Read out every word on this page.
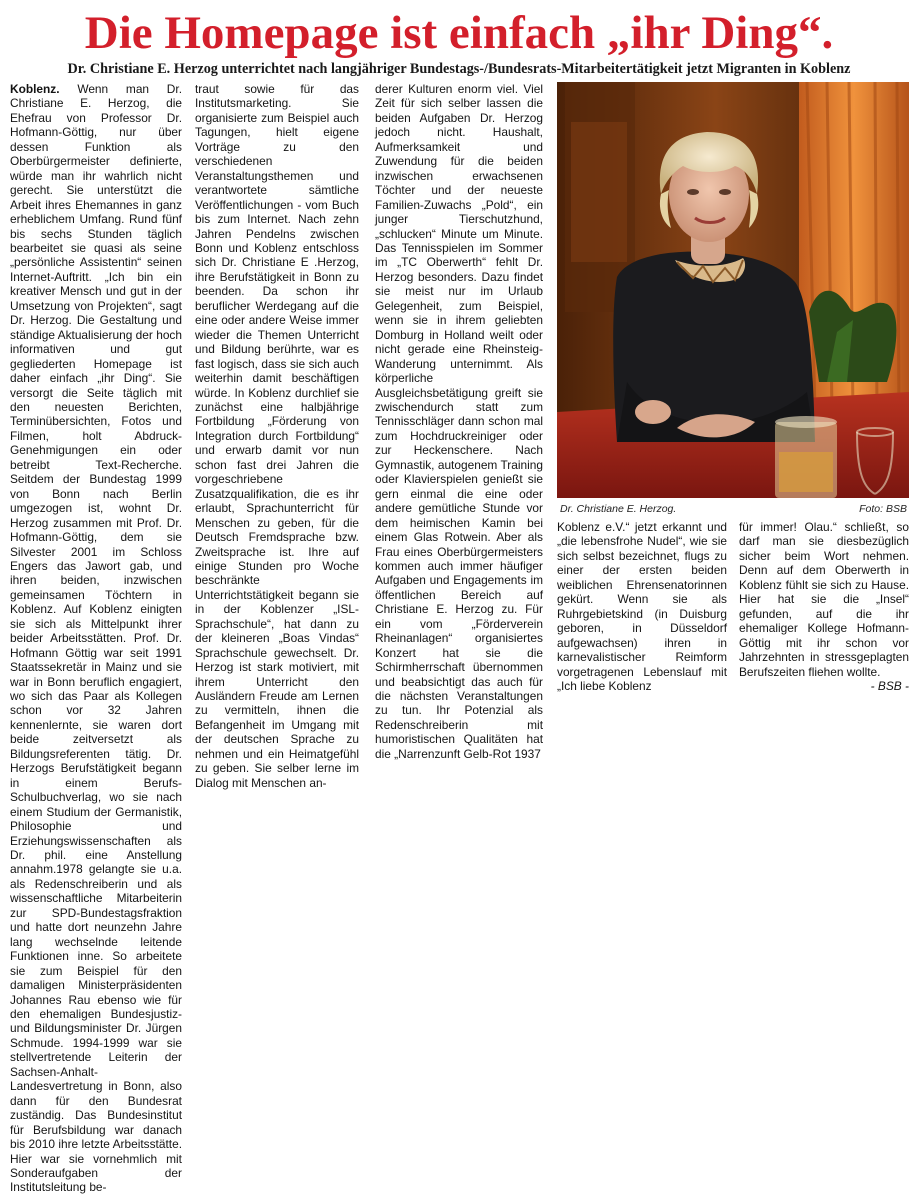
Die Homepage ist einfach „ihr Ding“.
Dr. Christiane E. Herzog unterrichtet nach langjähriger Bundestags-/Bundesrats-Mitarbeitertätigkeit jetzt Migranten in Koblenz

Koblenz. Wenn man Dr. Christiane E. Herzog, die Ehefrau von Professor Dr. Hofmann-Göttig, nur über dessen Funktion als Oberbürgermeister definierte, würde man ihr wahrlich nicht gerecht. Sie unterstützt die Arbeit ihres Ehemannes in ganz erheblichem Umfang. Rund fünf bis sechs Stunden täglich bearbeitet sie quasi als seine „persönliche Assistentin“ seinen Internet-Auftritt. „Ich bin ein kreativer Mensch und gut in der Umsetzung von Projekten“, sagt Dr. Herzog. Die Gestaltung und ständige Aktualisierung der hoch informativen und gut gegliederten Homepage ist daher einfach „ihr Ding“. Sie versorgt die Seite täglich mit den neuesten Berichten, Terminübersichten, Fotos und Filmen, holt Abdruck-Genehmigungen ein oder betreibt Text-Recherche. Seitdem der Bundestag 1999 von Bonn nach Berlin umgezogen ist, wohnt Dr. Herzog zusammen mit Prof. Dr. Hofmann-Göttig, dem sie Silvester 2001 im Schloss Engers das Jawort gab, und ihren beiden, inzwischen gemeinsamen Töchtern in Koblenz. Auf Koblenz einigten sie sich als Mittelpunkt ihrer beider Arbeitsstätten. Prof. Dr. Hofmann Göttig war seit 1991 Staatssekretär in Mainz und sie war in Bonn beruflich engagiert, wo sich das Paar als Kollegen schon vor 32 Jahren kennenlernte, sie waren dort beide zeitversetzt als Bildungsreferenten tätig. Dr. Herzogs Berufstätigkeit begann in einem Berufs-Schulbuchverlag, wo sie nach einem Studium der Germanistik, Philosophie und Erziehungswissenschaften als Dr. phil. eine Anstellung annahm.1978 gelangte sie u.a. als Redenschreiberin und als wissenschaftliche Mitarbeiterin zur SPD-Bundestagsfraktion und hatte dort neunzehn Jahre lang wechselnde leitende Funktionen inne. So arbeitete sie zum Beispiel für den damaligen Ministerpräsidenten Johannes Rau ebenso wie für den ehemaligen Bundesjustiz- und Bildungsminister Dr. Jürgen Schmude. 1994-1999 war sie stellvertretende Leiterin der Sachsen-Anhalt-Landesvertretung in Bonn, also dann für den Bundesrat zuständig. Das Bundesinstitut für Berufsbildung war danach bis 2010 ihre letzte Arbeitsstätte. Hier war sie vornehmlich mit Sonderaufgaben der Institutsleitung be-

traut sowie für das Institutsmarketing. Sie organisierte zum Beispiel auch Tagungen, hielt eigene Vorträge zu den verschiedenen Veranstaltungsthemen und verantwortete sämtliche Veröffentlichungen - vom Buch bis zum Internet. Nach zehn Jahren Pendelns zwischen Bonn und Koblenz entschloss sich Dr. Christiane E .Herzog, ihre Berufstätigkeit in Bonn zu beenden. Da schon ihr beruflicher Werdegang auf die eine oder andere Weise immer wieder die Themen Unterricht und Bildung berührte, war es fast logisch, dass sie sich auch weiterhin damit beschäftigen würde. In Koblenz durchlief sie zunächst eine halbjährige Fortbildung „Förderung von Integration durch Fortbildung“ und erwarb damit vor nun schon fast drei Jahren die vorgeschriebene Zusatzqualifikation, die es ihr erlaubt, Sprachunterricht für Menschen zu geben, für die Deutsch Fremdsprache bzw. Zweitsprache ist. Ihre auf einige Stunden pro Woche beschränkte Unterrichtstätigkeit begann sie in der Koblenzer „ISL-Sprachschule“, hat dann zu der kleineren „Boas Vindas“ Sprachschule gewechselt. Dr. Herzog ist stark motiviert, mit ihrem Unterricht den Ausländern Freude am Lernen zu vermitteln, ihnen die Befangenheit im Umgang mit der deutschen Sprache zu nehmen und ein Heimatgefühl zu geben. Sie selber lerne im Dialog mit Menschen an-

derer Kulturen enorm viel. Viel Zeit für sich selber lassen die beiden Aufgaben Dr. Herzog jedoch nicht. Haushalt, Aufmerksamkeit und Zuwendung für die beiden inzwischen erwachsenen Töchter und der neueste Familien-Zuwachs „Pold“, ein junger Tierschutzhund, „schlucken“ Minute um Minute. Das Tennisspielen im Sommer im „TC Oberwerth“ fehlt Dr. Herzog besonders. Dazu findet sie meist nur im Urlaub Gelegenheit, zum Beispiel, wenn sie in ihrem geliebten Domburg in Holland weilt oder nicht gerade eine Rheinsteig-Wanderung unternimmt. Als körperliche Ausgleichsbetätigung greift sie zwischendurch statt zum Tennisschläger dann schon mal zum Hochdruckreiniger oder zur Heckenschere. Nach Gymnastik, autogenem Training oder Klavierspielen genießt sie gern einmal die eine oder andere gemütliche Stunde vor dem heimischen Kamin bei einem Glas Rotwein. Aber als Frau eines Oberbürgermeisters kommen auch immer häufiger Aufgaben und Engagements im öffentlichen Bereich auf Christiane E. Herzog zu. Für ein vom „Förderverein Rheinanlagen“ organisiertes Konzert hat sie die Schirmherrschaft übernommen und beabsichtigt das auch für die nächsten Veranstaltungen zu tun. Ihr Potenzial als Redenschreiberin mit humoristischen Qualitäten hat die „Narrenzunft Gelb-Rot 1937

Dr. Christiane E. Herzog.	Foto: BSB

Koblenz e.V.“ jetzt erkannt und „die lebensfrohe Nudel“, wie sie sich selbst bezeichnet, flugs zu einer der ersten beiden weiblichen Ehrensenatorinnen gekürt. Wenn sie als Ruhrgebietskind (in Duisburg geboren, in Düsseldorf aufgewachsen) ihren in karnevalistischer Reimform vorgetragenen Lebenslauf mit „Ich liebe Koblenz

für immer! Olau.“ schließt, so darf man sie diesbezüglich sicher beim Wort nehmen. Denn auf dem Oberwerth in Koblenz fühlt sie sich zu Hause. Hier hat sie die „Insel“ gefunden, auf die ihr ehemaliger Kollege Hofmann-Göttig mit ihr schon vor Jahrzehnten in stressgeplagten Berufszeiten fliehen wollte.

- BSB -
